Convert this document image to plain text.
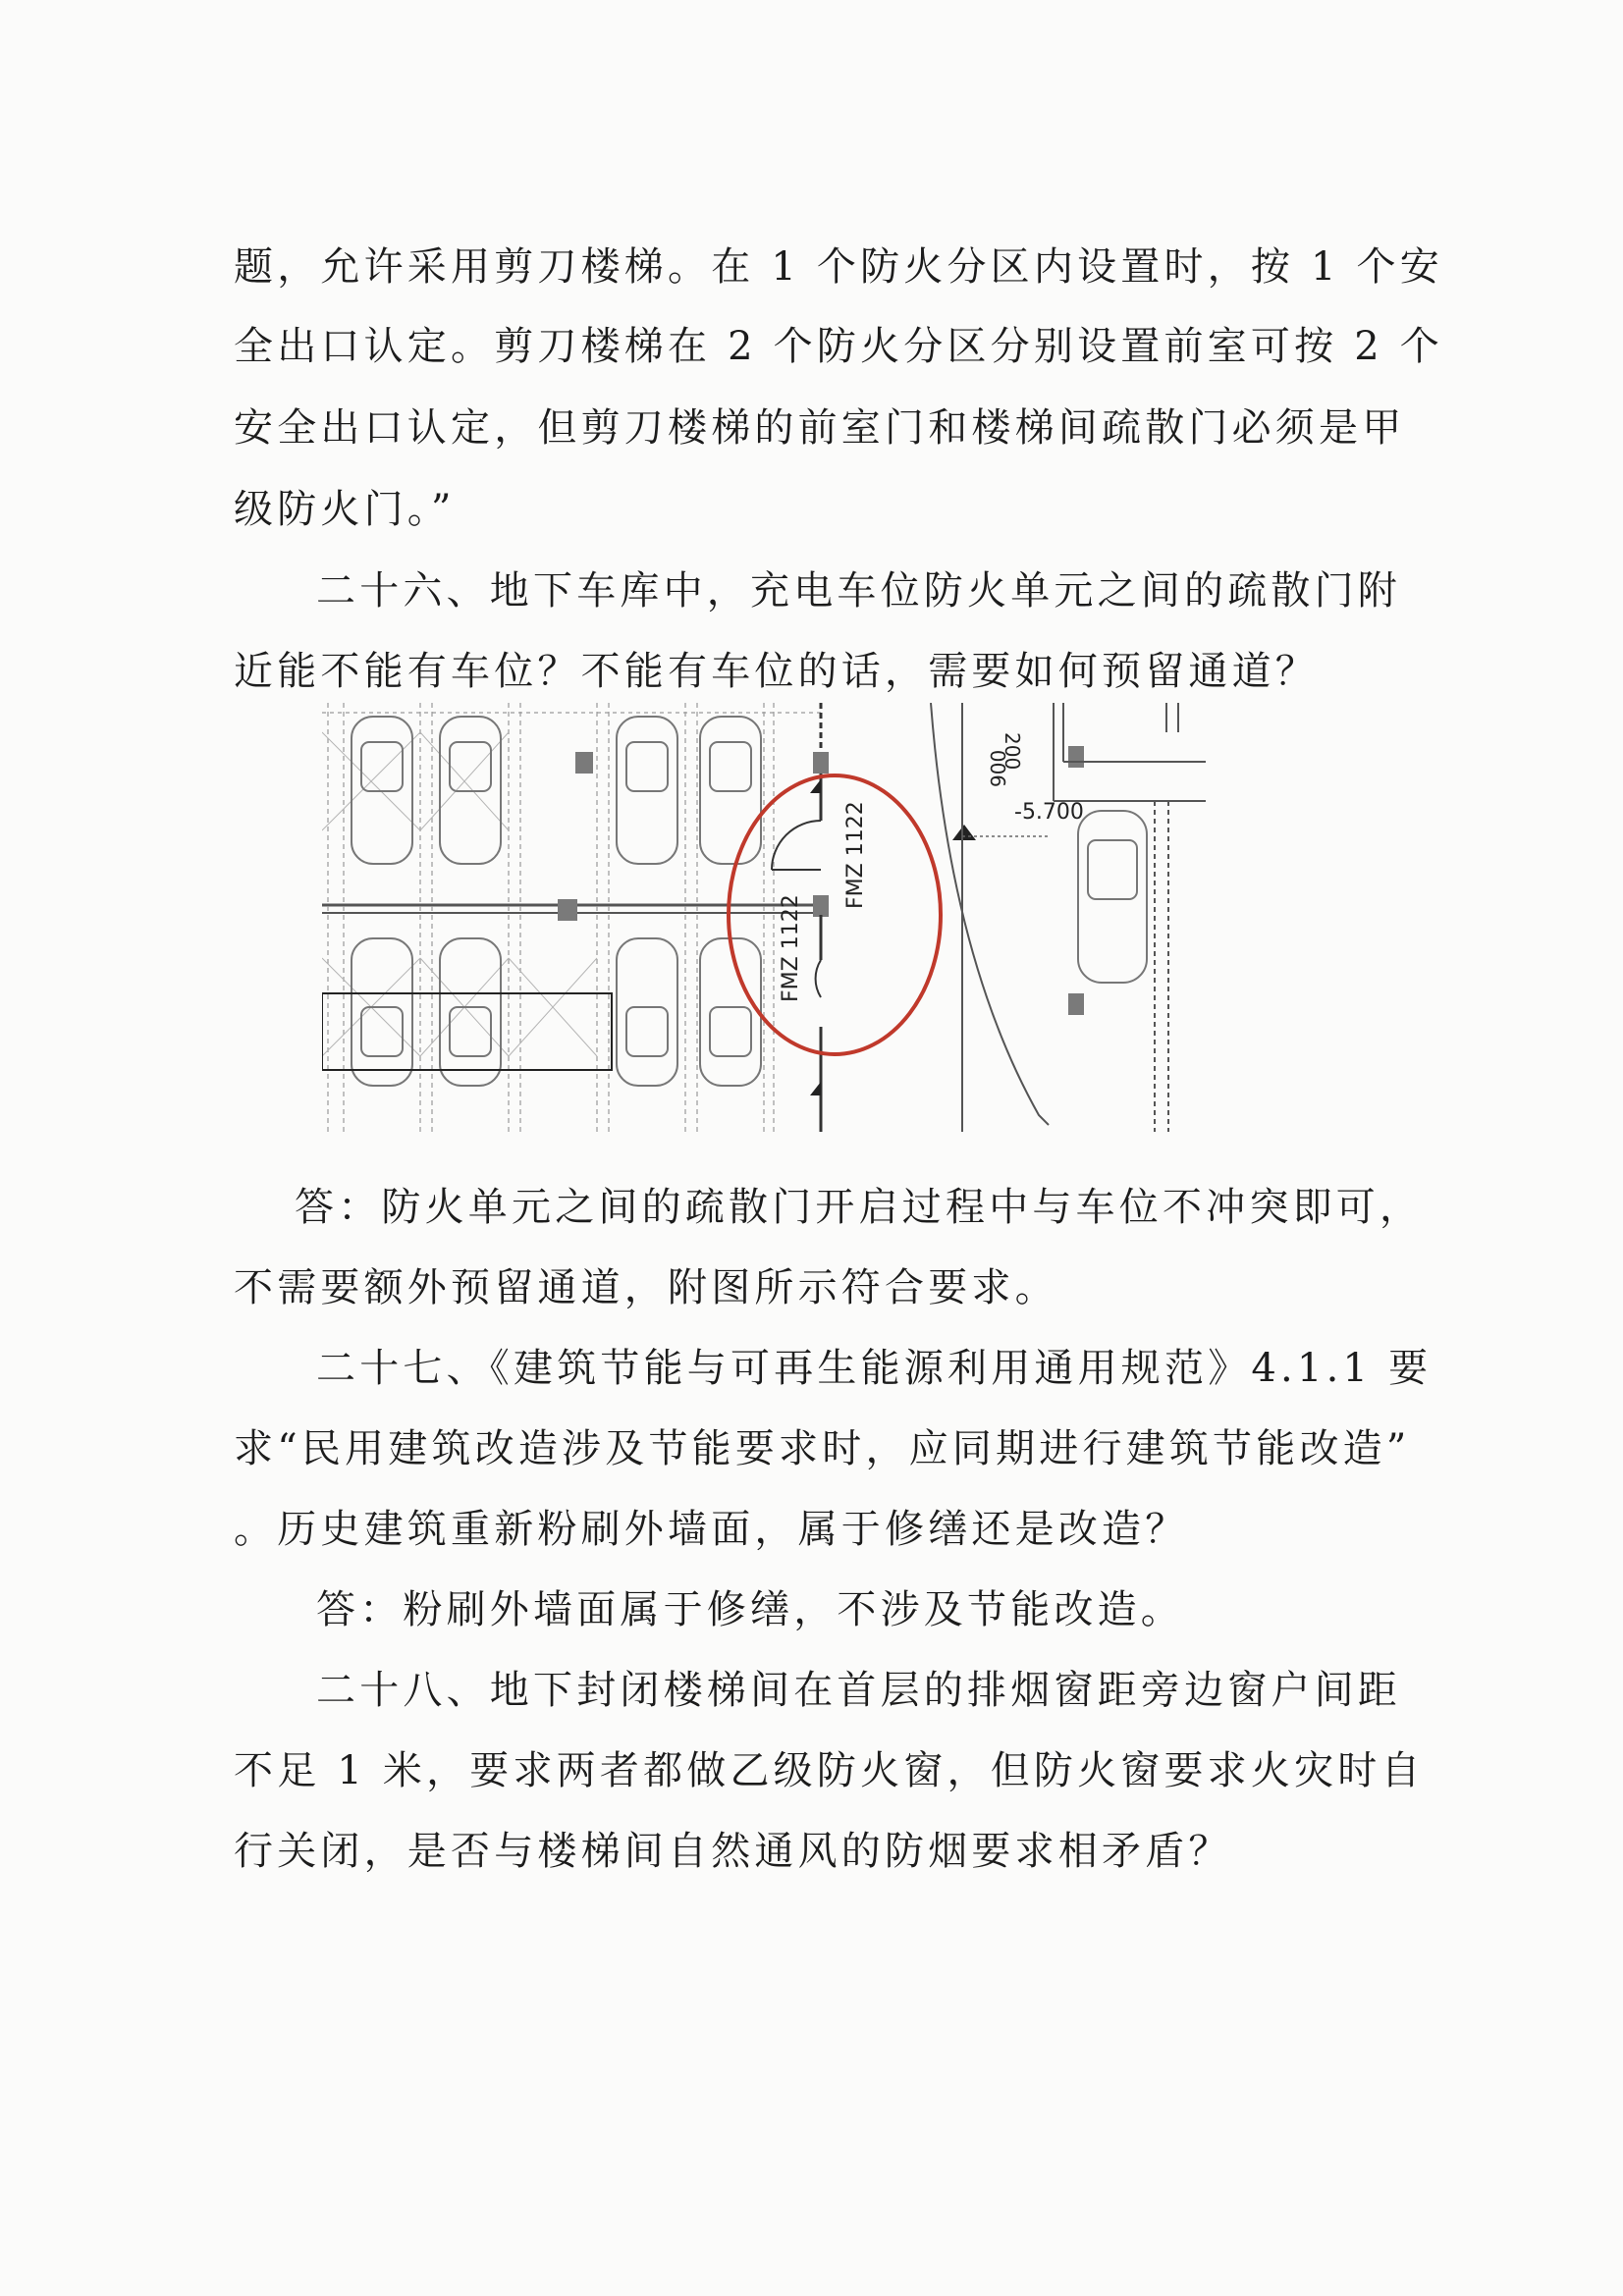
题，允许采用剪刀楼梯。在 1 个防火分区内设置时，按 1 个安
全出口认定。剪刀楼梯在 2 个防火分区分别设置前室可按 2 个
安全出口认定，但剪刀楼梯的前室门和楼梯间疏散门必须是甲
级防火门。”
二十六、地下车库中，充电车位防火单元之间的疏散门附
近能不能有车位？不能有车位的话，需要如何预留通道？
900
200
-5.700
FMZ 1122
FMZ 1122
答：防火单元之间的疏散门开启过程中与车位不冲突即可，
不需要额外预留通道，附图所示符合要求。
二十七、《建筑节能与可再生能源利用通用规范》4.1.1 要
求“民用建筑改造涉及节能要求时，应同期进行建筑节能改造”
。历史建筑重新粉刷外墙面，属于修缮还是改造？
答：粉刷外墙面属于修缮，不涉及节能改造。
二十八、地下封闭楼梯间在首层的排烟窗距旁边窗户间距
不足 1 米，要求两者都做乙级防火窗，但防火窗要求火灾时自
行关闭，是否与楼梯间自然通风的防烟要求相矛盾？
